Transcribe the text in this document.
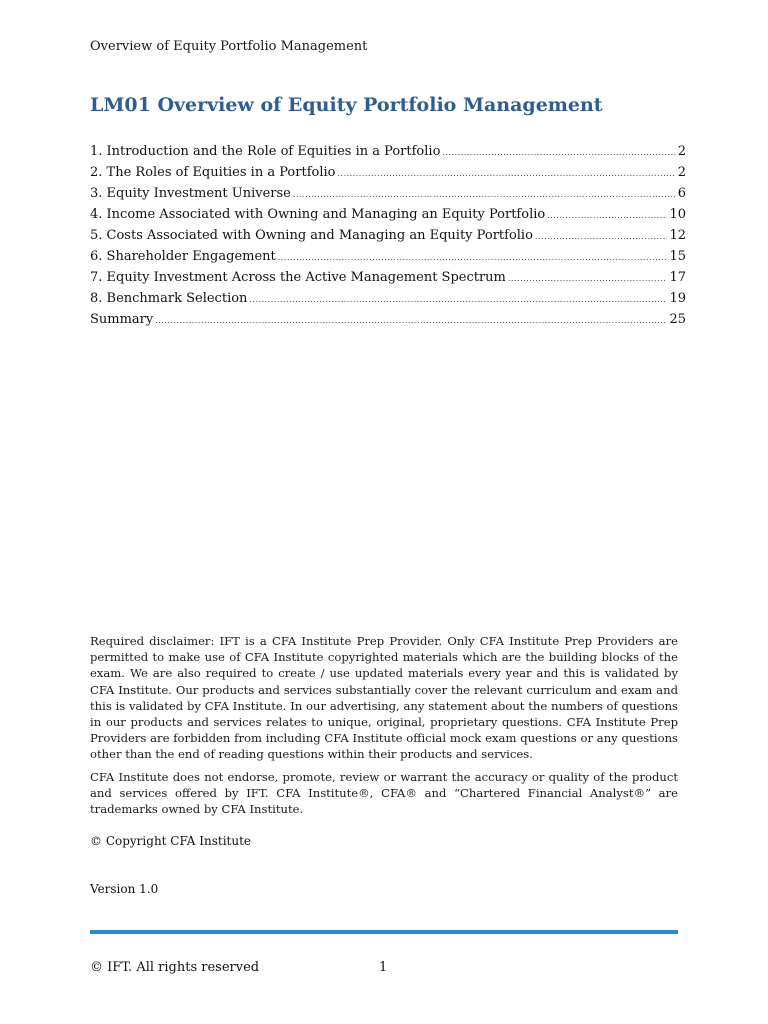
Overview of Equity Portfolio Management
LM01 Overview of Equity Portfolio Management
1. Introduction and the Role of Equities in a Portfolio .....	2
2. The Roles of Equities in a Portfolio .....	2
3. Equity Investment Universe .....	6
4. Income Associated with Owning and Managing an Equity Portfolio .....	10
5. Costs Associated with Owning and Managing an Equity Portfolio .....	12
6. Shareholder Engagement .....	15
7. Equity Investment Across the Active Management Spectrum .....	17
8. Benchmark Selection .....	19
Summary .....	25

Required disclaimer: IFT is a CFA Institute Prep Provider. Only CFA Institute Prep Providers are permitted to make use of CFA Institute copyrighted materials which are the building blocks of the exam. We are also required to create / use updated materials every year and this is validated by CFA Institute. Our products and services substantially cover the relevant curriculum and exam and this is validated by CFA Institute. In our advertising, any statement about the numbers of questions in our products and services relates to unique, original, proprietary questions. CFA Institute Prep Providers are forbidden from including CFA Institute official mock exam questions or any questions other than the end of reading questions within their products and services.

CFA Institute does not endorse, promote, review or warrant the accuracy or quality of the product and services offered by IFT. CFA Institute®, CFA® and “Chartered Financial Analyst®” are trademarks owned by CFA Institute.

© Copyright CFA Institute
Version 1.0
© IFT. All rights reserved	1
